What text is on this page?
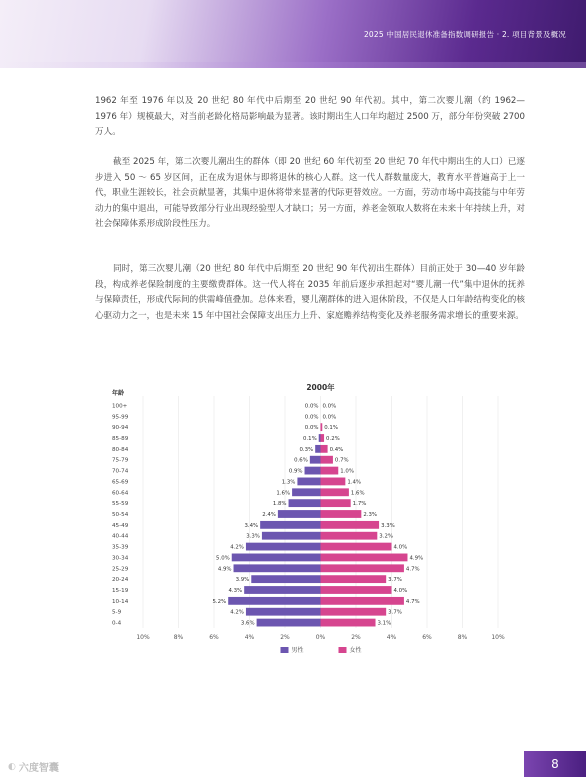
2025 中国居民退休准备指数调研报告 · 2. 项目背景及概况

1962 年至 1976 年以及 20 世纪 80 年代中后期至 20 世纪 90 年代初。其中，第二次婴儿潮（约 1962—1976 年）规模最大，对当前老龄化格局影响最为显著。该时期出生人口年均超过 2500 万，部分年份突破 2700 万人。

截至 2025 年，第二次婴儿潮出生的群体（即 20 世纪 60 年代初至 20 世纪 70 年代中期出生的人口）已逐步进入 50 ～ 65 岁区间，正在成为退休与即将退休的核心人群。这一代人群数量庞大，教育水平普遍高于上一代，职业生涯较长，社会贡献显著，其集中退休将带来显著的代际更替效应。一方面，劳动市场中高技能与中年劳动力的集中退出，可能导致部分行业出现经验型人才缺口；另一方面，养老金领取人数将在未来十年持续上升，对社会保障体系形成阶段性压力。

同时，第三次婴儿潮（20 世纪 80 年代中后期至 20 世纪 90 年代初出生群体）目前正处于 30—40 岁年龄段，构成养老保险制度的主要缴费群体。这一代人将在 2035 年前后逐步承担起对“婴儿潮一代”集中退休的抚养与保障责任，形成代际间的供需峰值叠加。总体来看，婴儿潮群体的进入退休阶段，不仅是人口年龄结构变化的核心驱动力之一，也是未来 15 年中国社会保障支出压力上升、家庭赡养结构变化及养老服务需求增长的重要来源。

10%	8%	6%	4%	2%	0%	2%	4%	6%	8%	10%
2000年
年龄
100+	0.0% 0.0%
95-99	0.0% 0.0%
90-94	0.0% 0.1%
85-89	0.1% 0.2%
80-84	0.3%	0.4%
75-79	0.6%	0.7%
70-74	0.9%	1.0%
65-69	1.3%	1.4%
60-64	1.6%	1.6%
55-59	1.8%	1.7%
50-54	2.4%	2.3%
45-49	3.4%	3.3%
40-44	3.3%	3.2%
35-39	4.2%	4.0%
30-34	5.0%	4.9%
25-29	4.9%	4.7%
20-24	3.9%	3.7%
15-19	4.3%	4.0%
10-14	5.2%	4.7%
5-9	4.2%	3.7%
0-4	3.6%	3.1%
男性	女性
◐ 六度智囊	8
